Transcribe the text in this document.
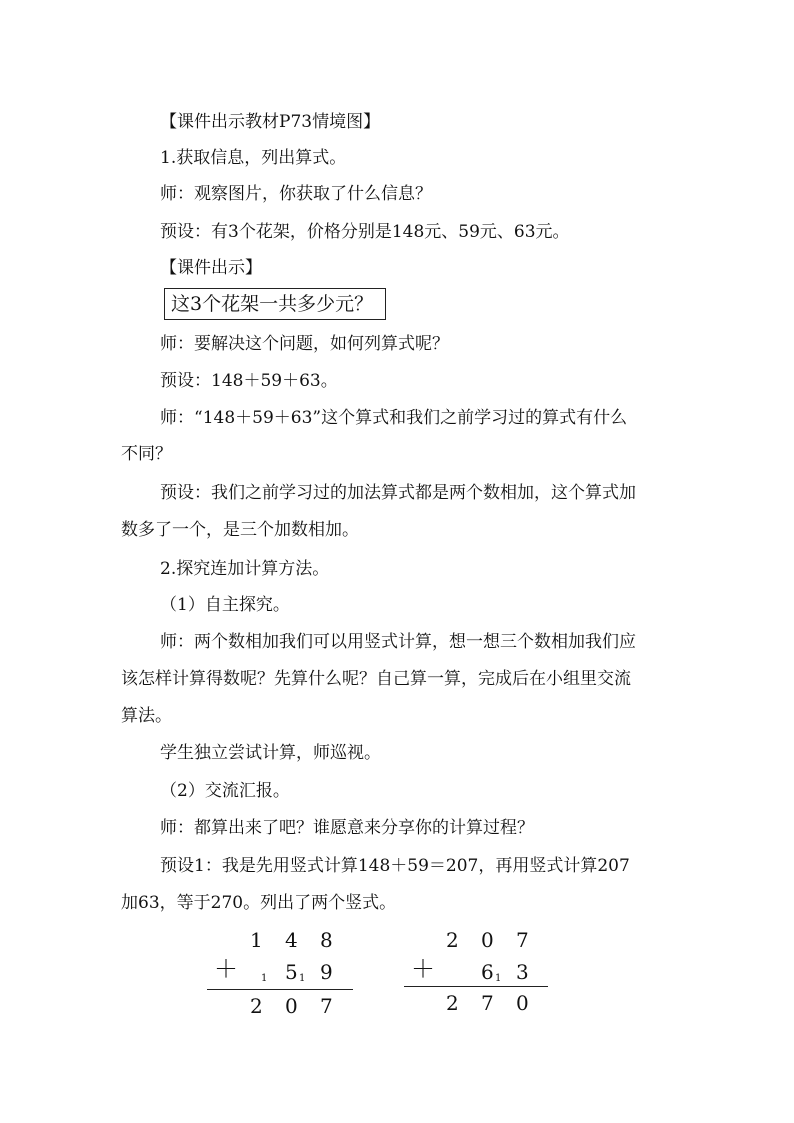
【课件出示教材P73情境图】
1.获取信息，列出算式。
师：观察图片，你获取了什么信息？
预设：有3个花架，价格分别是148元、59元、63元。
【课件出示】
这3个花架一共多少元？
师：要解决这个问题，如何列算式呢？
预设：148＋59＋63。
师：“148＋59＋63”这个算式和我们之前学习过的算式有什么
不同？
预设：我们之前学习过的加法算式都是两个数相加，这个算式加
数多了一个，是三个加数相加。
2.探究连加计算方法。
（1）自主探究。
师：两个数相加我们可以用竖式计算，想一想三个数相加我们应
该怎样计算得数呢？先算什么呢？自己算一算，完成后在小组里交流
算法。
学生独立尝试计算，师巡视。
（2）交流汇报。
师：都算出来了吧？谁愿意来分享你的计算过程？
预设1：我是先用竖式计算148＋59＝207，再用竖式计算207
加63，等于270。列出了两个竖式。
1 4 8
＋ 1 5 1 9
2 0 7
2 0 7
＋ 6 1 3
2 7 0
